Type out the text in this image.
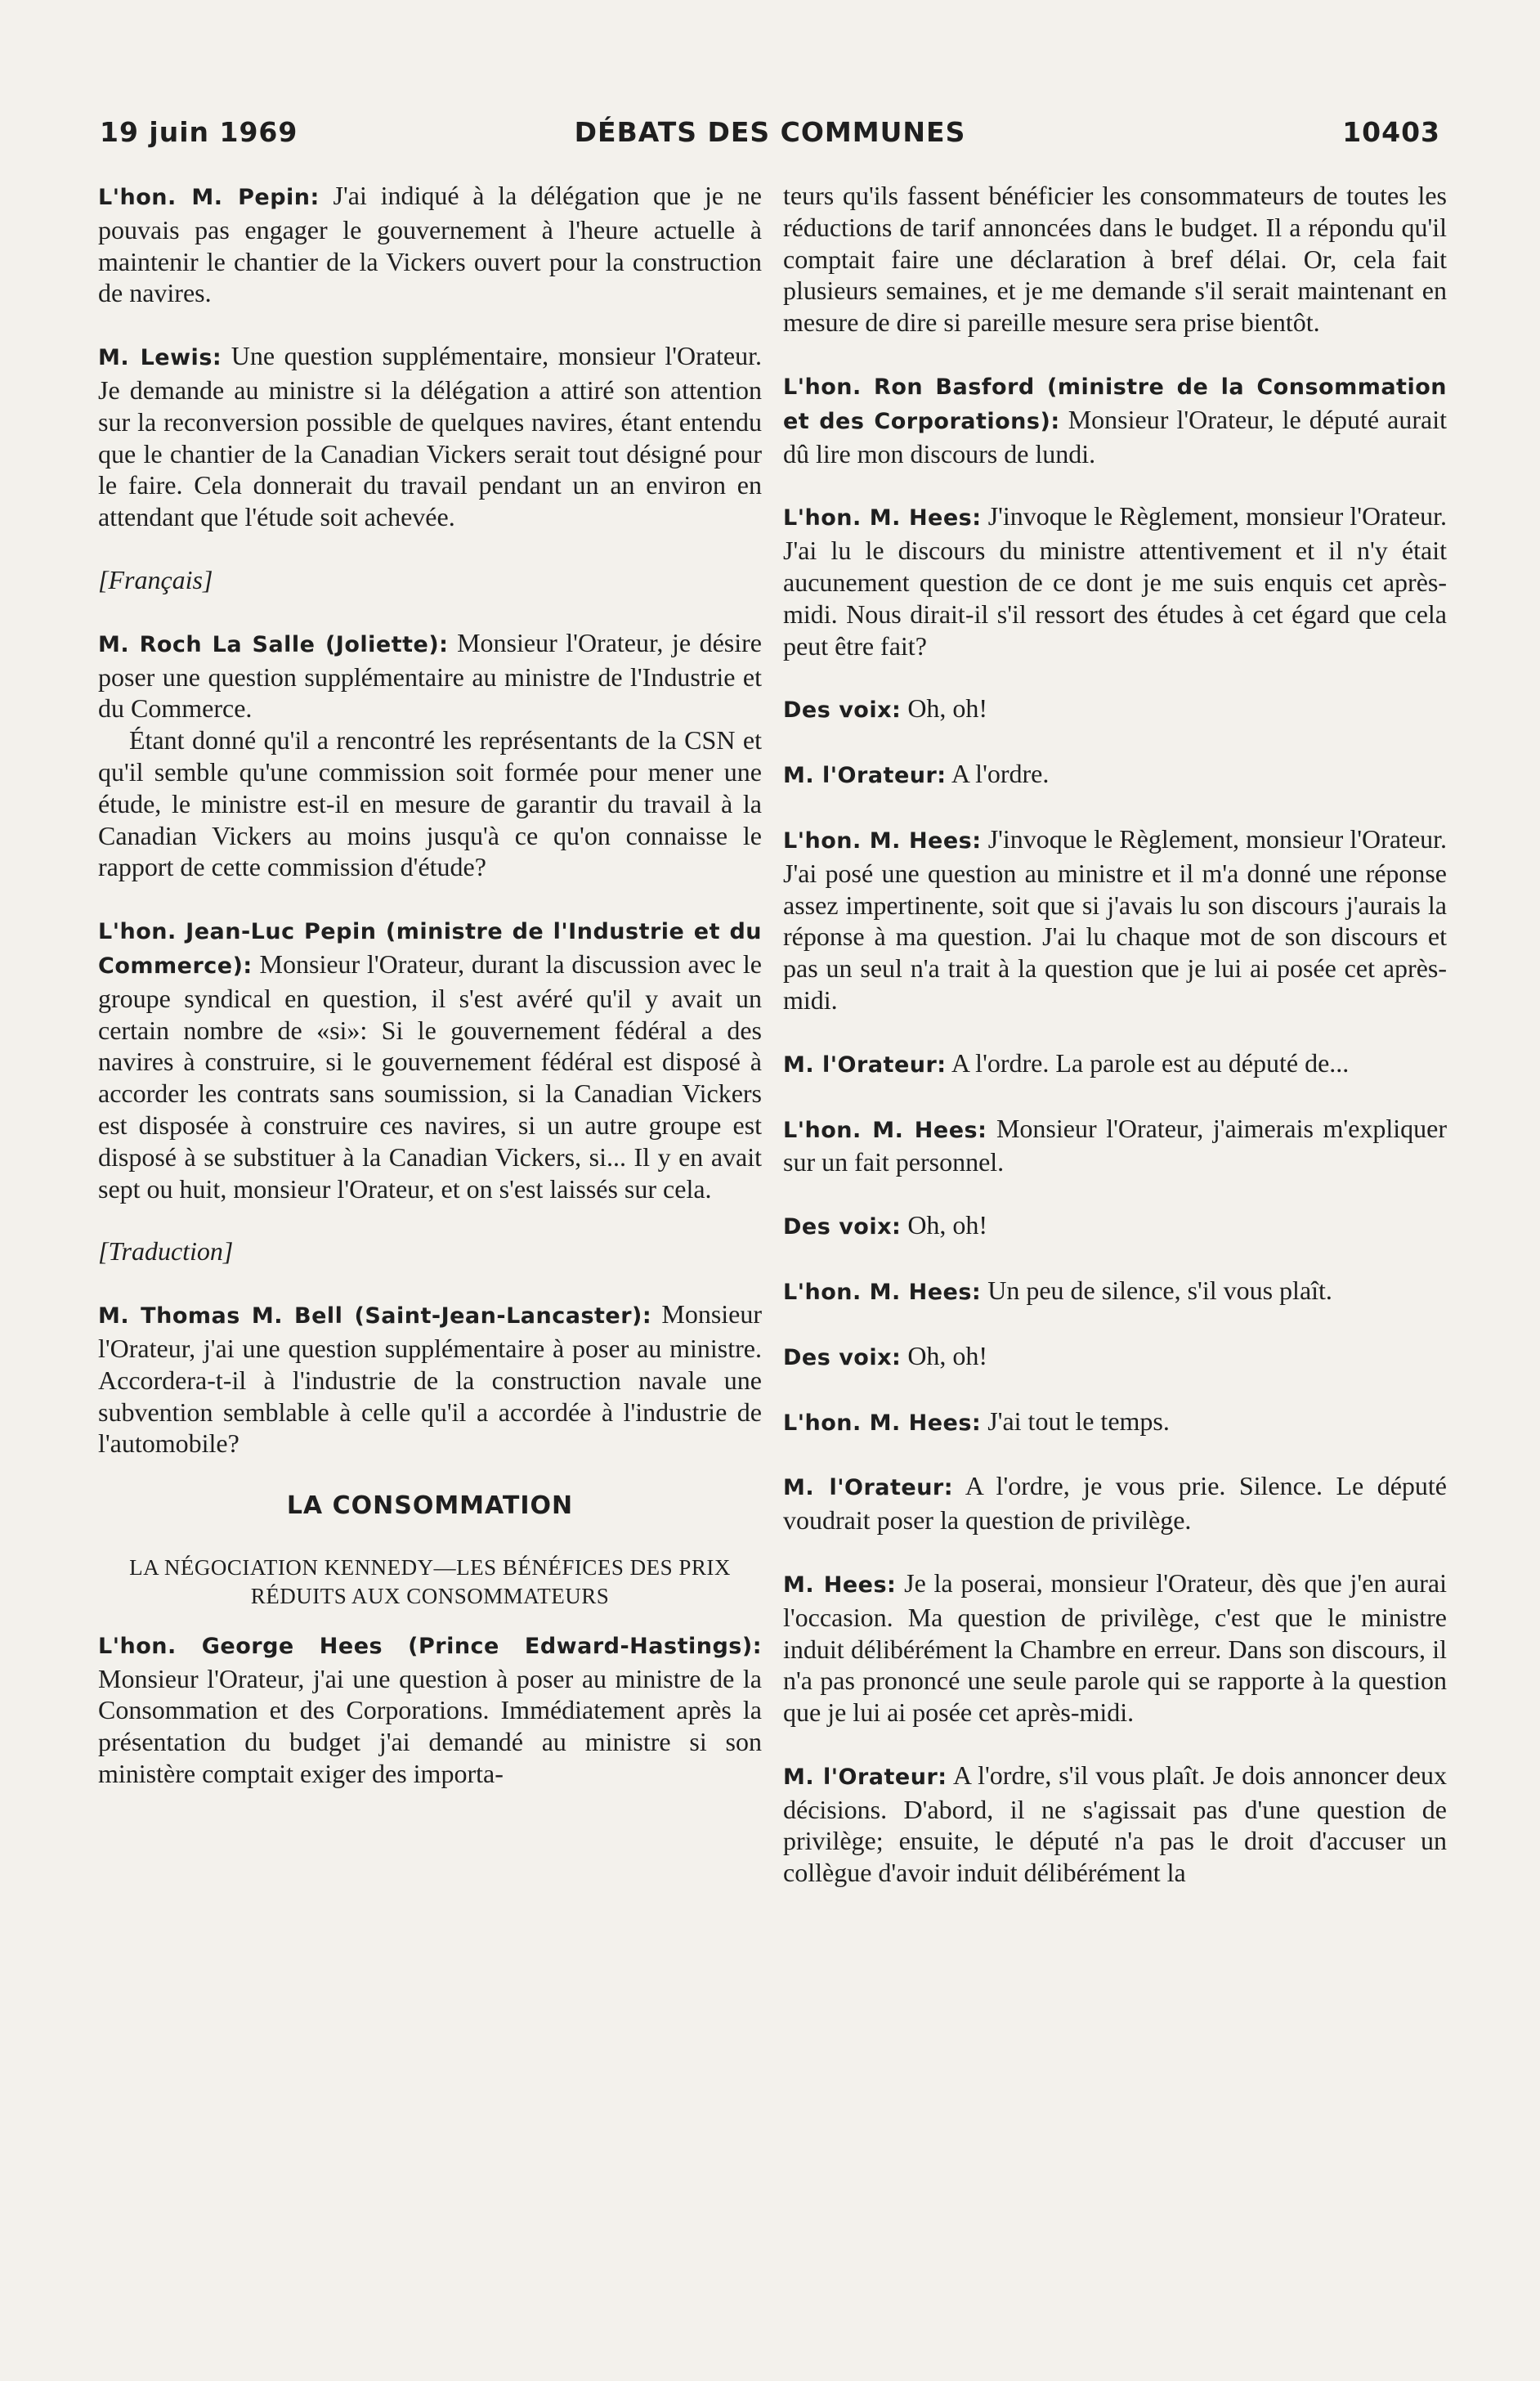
19 juin 1969	DÉBATS DES COMMUNES	10403

L'hon. M. Pepin: J'ai indiqué à la délégation que je ne pouvais pas engager le gouvernement à l'heure actuelle à maintenir le chantier de la Vickers ouvert pour la construction de navires.

M. Lewis: Une question supplémentaire, monsieur l'Orateur. Je demande au ministre si la délégation a attiré son attention sur la reconversion possible de quelques navires, étant entendu que le chantier de la Canadian Vickers serait tout désigné pour le faire. Cela donnerait du travail pendant un an environ en attendant que l'étude soit achevée.

[Français]

M. Roch La Salle (Joliette): Monsieur l'Orateur, je désire poser une question supplémentaire au ministre de l'Industrie et du Commerce.

Étant donné qu'il a rencontré les représentants de la CSN et qu'il semble qu'une commission soit formée pour mener une étude, le ministre est-il en mesure de garantir du travail à la Canadian Vickers au moins jusqu'à ce qu'on connaisse le rapport de cette commission d'étude?

L'hon. Jean-Luc Pepin (ministre de l'Industrie et du Commerce): Monsieur l'Orateur, durant la discussion avec le groupe syndical en question, il s'est avéré qu'il y avait un certain nombre de «si»: Si le gouvernement fédéral a des navires à construire, si le gouvernement fédéral est disposé à accorder les contrats sans soumission, si la Canadian Vickers est disposée à construire ces navires, si un autre groupe est disposé à se substituer à la Canadian Vickers, si... Il y en avait sept ou huit, monsieur l'Orateur, et on s'est laissés sur cela.

[Traduction]

M. Thomas M. Bell (Saint-Jean-Lancaster): Monsieur l'Orateur, j'ai une question supplémentaire à poser au ministre. Accordera-t-il à l'industrie de la construction navale une subvention semblable à celle qu'il a accordée à l'industrie de l'automobile?

LA CONSOMMATION
LA NÉGOCIATION KENNEDY—LES BÉNÉFICES DES PRIX RÉDUITS AUX CONSOMMATEURS

L'hon. George Hees (Prince Edward-Hastings): Monsieur l'Orateur, j'ai une question à poser au ministre de la Consommation et des Corporations. Immédiatement après la présentation du budget j'ai demandé au ministre si son ministère comptait exiger des importa-

teurs qu'ils fassent bénéficier les consommateurs de toutes les réductions de tarif annoncées dans le budget. Il a répondu qu'il comptait faire une déclaration à bref délai. Or, cela fait plusieurs semaines, et je me demande s'il serait maintenant en mesure de dire si pareille mesure sera prise bientôt.

L'hon. Ron Basford (ministre de la Consommation et des Corporations): Monsieur l'Orateur, le député aurait dû lire mon discours de lundi.

L'hon. M. Hees: J'invoque le Règlement, monsieur l'Orateur. J'ai lu le discours du ministre attentivement et il n'y était aucunement question de ce dont je me suis enquis cet après-midi. Nous dirait-il s'il ressort des études à cet égard que cela peut être fait?

Des voix: Oh, oh!

M. l'Orateur: A l'ordre.

L'hon. M. Hees: J'invoque le Règlement, monsieur l'Orateur. J'ai posé une question au ministre et il m'a donné une réponse assez impertinente, soit que si j'avais lu son discours j'aurais la réponse à ma question. J'ai lu chaque mot de son discours et pas un seul n'a trait à la question que je lui ai posée cet après-midi.

M. l'Orateur: A l'ordre. La parole est au député de...

L'hon. M. Hees: Monsieur l'Orateur, j'aimerais m'expliquer sur un fait personnel.

Des voix: Oh, oh!

L'hon. M. Hees: Un peu de silence, s'il vous plaît.

Des voix: Oh, oh!

L'hon. M. Hees: J'ai tout le temps.

M. l'Orateur: A l'ordre, je vous prie. Silence. Le député voudrait poser la question de privilège.

M. Hees: Je la poserai, monsieur l'Orateur, dès que j'en aurai l'occasion. Ma question de privilège, c'est que le ministre induit délibérément la Chambre en erreur. Dans son discours, il n'a pas prononcé une seule parole qui se rapporte à la question que je lui ai posée cet après-midi.

M. l'Orateur: A l'ordre, s'il vous plaît. Je dois annoncer deux décisions. D'abord, il ne s'agissait pas d'une question de privilège; ensuite, le député n'a pas le droit d'accuser un collègue d'avoir induit délibérément la
